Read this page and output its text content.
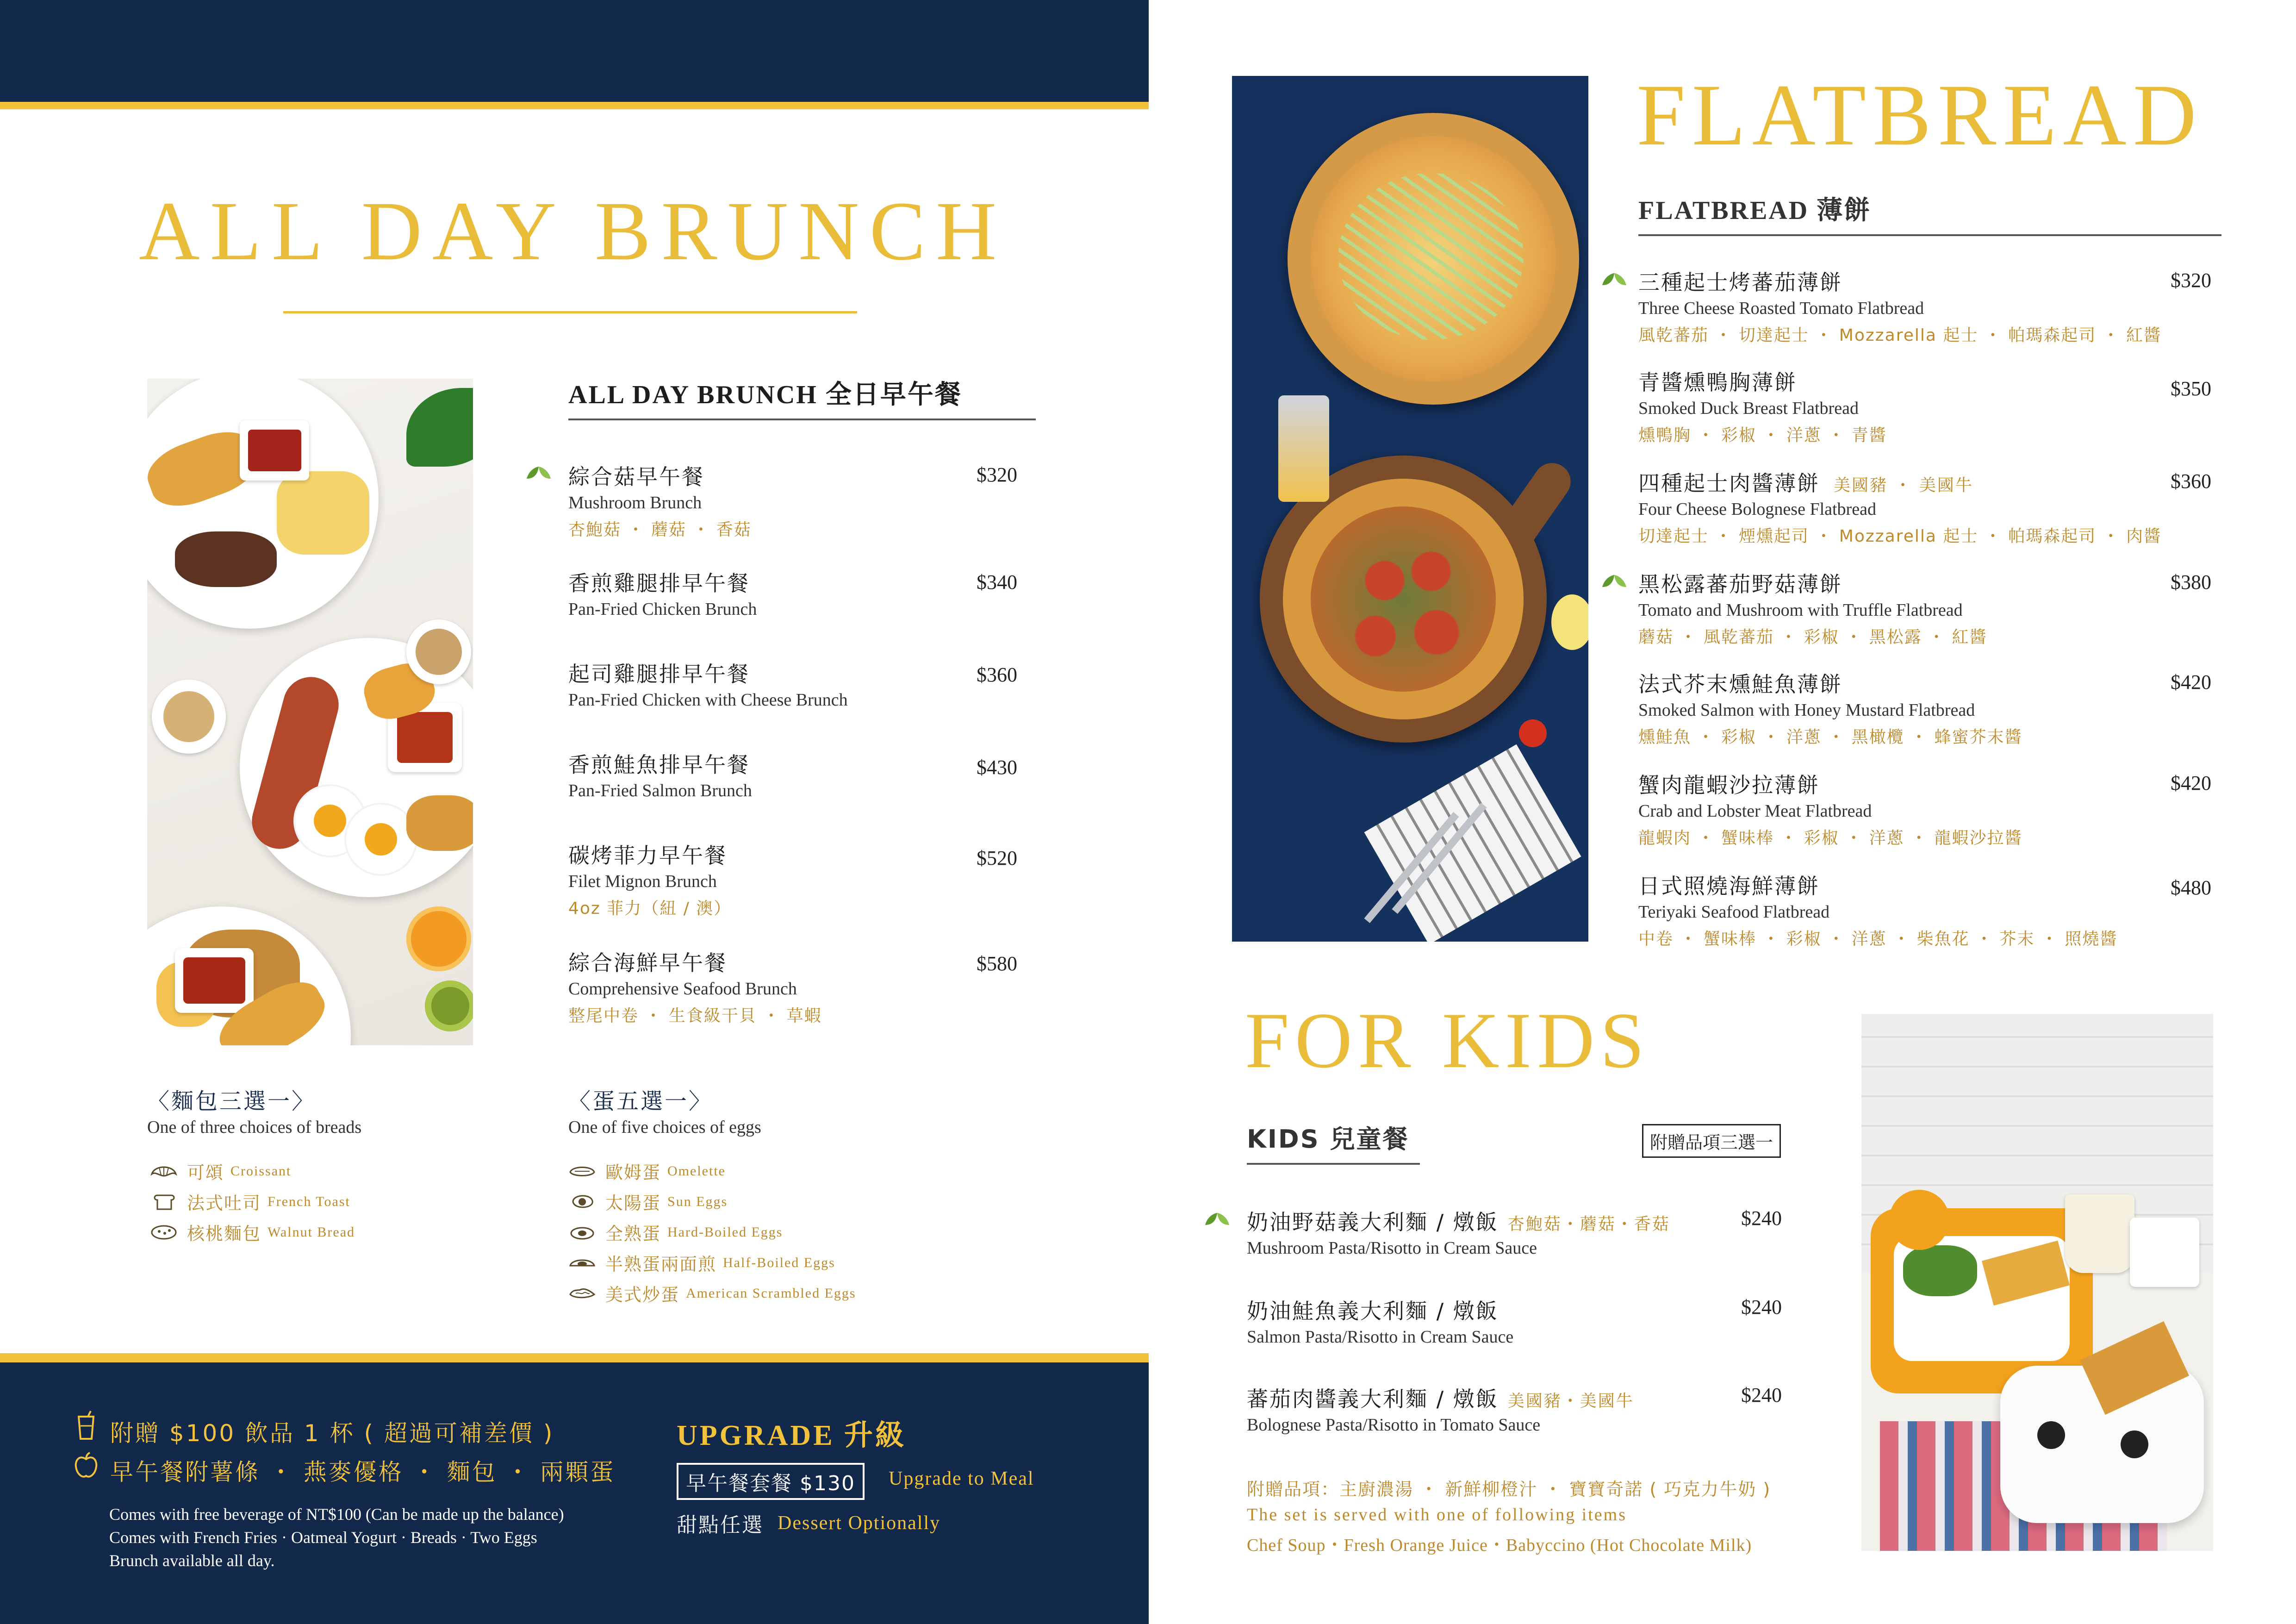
ALL DAY BRUNCH
ALL DAY BRUNCH 全日早午餐
綜合菇早午餐
Mushroom Brunch
杏鮑菇 ・ 蘑菇 ・ 香菇
$320
香煎雞腿排早午餐
Pan-Fried Chicken Brunch
$340
起司雞腿排早午餐
Pan-Fried Chicken with Cheese Brunch
$360
香煎鮭魚排早午餐
Pan-Fried Salmon Brunch
$430
碳烤菲力早午餐
Filet Mignon Brunch
4oz 菲力（紐 / 澳）
$520
綜合海鮮早午餐
Comprehensive Seafood Brunch
整尾中卷 ・ 生食級干貝 ・ 草蝦
$580
〈麵包三選一〉
One of three choices of breads
可頌 Croissant
法式吐司 French Toast
核桃麵包 Walnut Bread
〈蛋五選一〉
One of five choices of eggs
歐姆蛋 Omelette
太陽蛋 Sun Eggs
全熟蛋 Hard-Boiled Eggs
半熟蛋兩面煎 Half-Boiled Eggs
美式炒蛋 American Scrambled Eggs
附贈 $100 飲品 1 杯 ( 超過可補差價 )
早午餐附薯條 ・ 燕麥優格 ・ 麵包 ・ 兩顆蛋
Comes with free beverage of NT$100 (Can be made up the balance)
Comes with French Fries · Oatmeal Yogurt · Breads · Two Eggs
Brunch available all day.
UPGRADE 升級
早午餐套餐 $130	Upgrade to Meal
甜點任選 Dessert Optionally
FLATBREAD
FLATBREAD 薄餅
三種起士烤蕃茄薄餅
Three Cheese Roasted Tomato Flatbread
風乾蕃茄 ・ 切達起士 ・ Mozzarella 起士 ・ 帕瑪森起司 ・ 紅醬
$320
青醬燻鴨胸薄餅
Smoked Duck Breast Flatbread
燻鴨胸 ・ 彩椒 ・ 洋蔥 ・ 青醬
$350
四種起士肉醬薄餅 美國豬 ・ 美國牛
Four Cheese Bolognese Flatbread
切達起士 ・ 煙燻起司 ・ Mozzarella 起士 ・ 帕瑪森起司 ・ 肉醬
$360
黑松露蕃茄野菇薄餅
Tomato and Mushroom with Truffle Flatbread
蘑菇 ・ 風乾蕃茄 ・ 彩椒 ・ 黑松露 ・ 紅醬
$380
法式芥末燻鮭魚薄餅
Smoked Salmon with Honey Mustard Flatbread
燻鮭魚 ・ 彩椒 ・ 洋蔥 ・ 黑橄欖 ・ 蜂蜜芥末醬
$420
蟹肉龍蝦沙拉薄餅
Crab and Lobster Meat Flatbread
龍蝦肉 ・ 蟹味棒 ・ 彩椒 ・ 洋蔥 ・ 龍蝦沙拉醬
$420
日式照燒海鮮薄餅
Teriyaki Seafood Flatbread
中卷 ・ 蟹味棒 ・ 彩椒 ・ 洋蔥 ・ 柴魚花 ・ 芥末 ・ 照燒醬
$480
FOR KIDS
KIDS 兒童餐	附贈品項三選一
奶油野菇義大利麵 / 燉飯 杏鮑菇・蘑菇・香菇
Mushroom Pasta/Risotto in Cream Sauce
$240
奶油鮭魚義大利麵 / 燉飯
Salmon Pasta/Risotto in Cream Sauce
$240
蕃茄肉醬義大利麵 / 燉飯 美國豬・美國牛
Bolognese Pasta/Risotto in Tomato Sauce
$240
附贈品項：主廚濃湯 ・ 新鮮柳橙汁 ・ 寶寶奇諾 ( 巧克力牛奶 )
The set is served with one of following items
Chef Soup・Fresh Orange Juice・Babyccino (Hot Chocolate Milk)
